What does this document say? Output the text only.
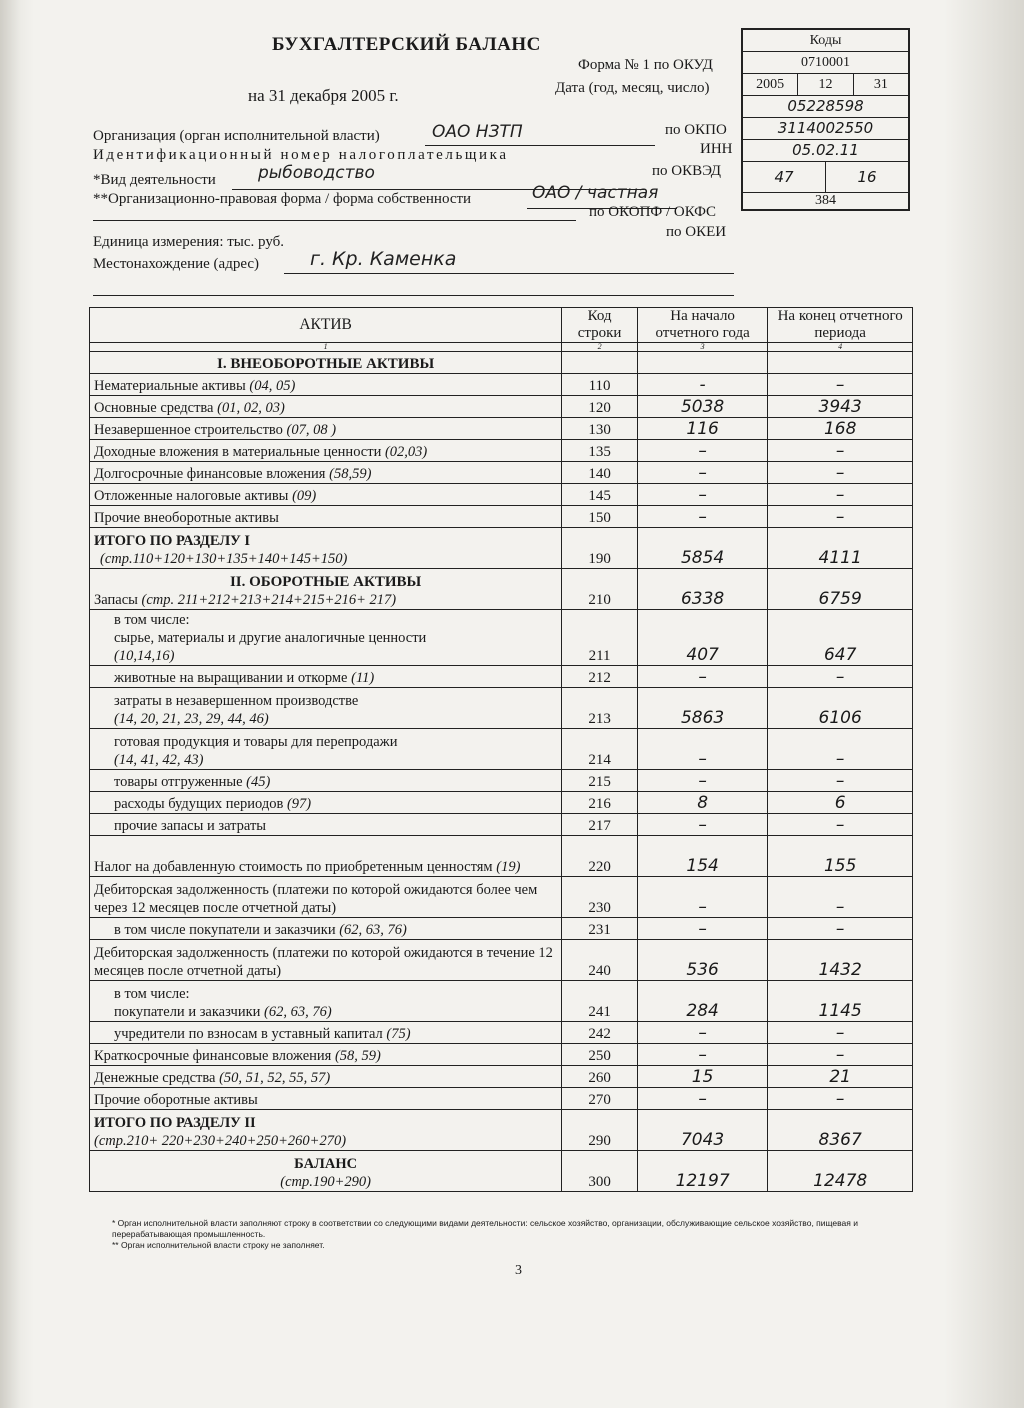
БУХГАЛТЕРСКИЙ БАЛАНС
на 31 декабря 2005 г.
Форма № 1 по ОКУД
Дата (год, месяц, число)
Организация (орган исполнительной власти)	ОАО НЗТП	по ОКПО
Идентификационный номер налогоплательщика	ИНН
*Вид деятельности рыбоводство	по ОКВЭД
**Организационно-правовая форма / форма собственности	ОАО / частная
по ОКОПФ / ОКФС
по ОКЕИ
Единица измерения: тыс. руб.
Местонахождение (адрес)	г. Кр. Каменка
Коды
0710001
2005	12	31
05228598
3114002550
05.02.11
47	16
384
АКТИВ	Код строки	На начало отчетного года	На конец отчетного периода
1	2	3	4
I. ВНЕОБОРОТНЫЕ АКТИВЫ			
Нематериальные активы (04, 05)	110	-	–
Основные средства (01, 02, 03)	120	5038	3943
Незавершенное строительство (07, 08 )	130	116	168
Доходные вложения в материальные ценности (02,03)	135	–	–
Долгосрочные финансовые вложения (58,59)	140	–	–
Отложенные налоговые активы (09)	145	–	–
Прочие внеоборотные активы	150	–	–

ИТОГО ПО РАЗДЕЛУ I
(стр.110+120+130+135+140+145+150)	190	5854	4111

II. ОБОРОТНЫЕ АКТИВЫ
Запасы (стр. 211+212+213+214+215+216+ 217)	210	6338	6759

в том числе:
сырье, материалы и другие аналогичные ценности
(10,14,16)	211	407	647
животные на выращивании и откорме (11)	212	–	–

затраты в незавершенном производстве
(14, 20, 21, 23, 29, 44, 46)	213	5863	6106

готовая продукция и товары для перепродажи
(14, 41, 42, 43)	214	–	–
товары отгруженные (45)	215	–	–
расходы будущих периодов (97)	216	8	6
прочие запасы и затраты	217	–	–
Налог на добавленную стоимость по приобретенным ценностям (19)	220	154	155
Дебиторская задолженность (платежи по которой ожидаются более чем через 12 месяцев после отчетной даты)	230	–	–
в том числе покупатели и заказчики (62, 63, 76)	231	–	–
Дебиторская задолженность (платежи по которой ожидаются в течение 12 месяцев после отчетной даты)	240	536	1432

в том числе:
покупатели и заказчики (62, 63, 76)	241	284	1145
учредители по взносам в уставный капитал (75)	242	–	–
Краткосрочные финансовые вложения (58, 59)	250	–	–
Денежные средства (50, 51, 52, 55, 57)	260	15	21
Прочие оборотные активы	270	–	–

ИТОГО ПО РАЗДЕЛУ II
(стр.210+ 220+230+240+250+260+270)	290	7043	8367

БАЛАНС
(стр.190+290)	300	12197	12478
* Орган исполнительной власти заполняют строку в соответствии со следующими видами деятельности: сельское хозяйство, организации, обслуживающие сельское хозяйство, пищевая и перерабатывающая промышленность.
** Орган исполнительной власти строку не заполняет.
3
